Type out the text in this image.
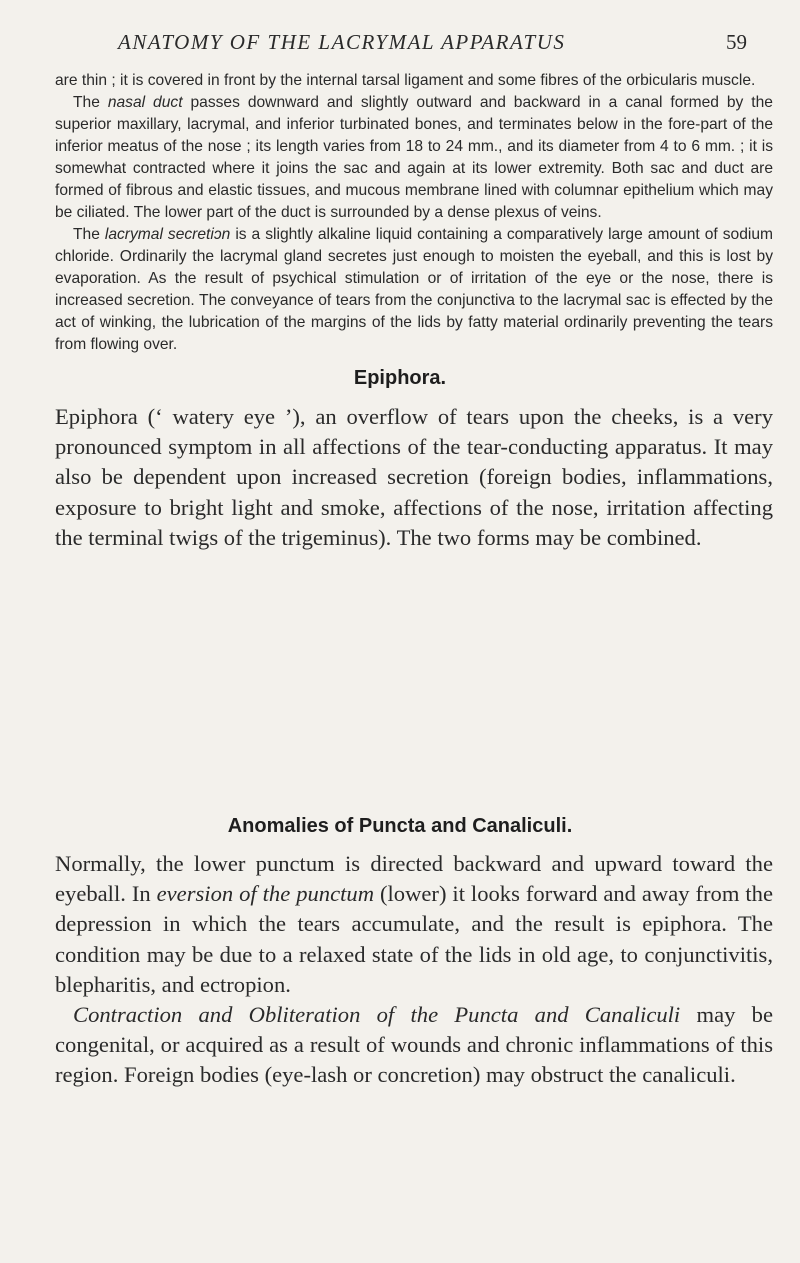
ANATOMY OF THE LACRYMAL APPARATUS	59

are thin ; it is covered in front by the internal tarsal ligament and some fibres of the orbicularis muscle.

The nasal duct passes downward and slightly outward and backward in a canal formed by the superior maxillary, lacrymal, and inferior turbinated bones, and terminates below in the fore-part of the inferior meatus of the nose ; its length varies from 18 to 24 mm., and its diameter from 4 to 6 mm. ; it is somewhat contracted where it joins the sac and again at its lower extremity. Both sac and duct are formed of fibrous and elastic tissues, and mucous membrane lined with columnar epithelium which may be ciliated. The lower part of the duct is surrounded by a dense plexus of veins.

The lacrymal secretiɔn is a slightly alkaline liquid containing a comparatively large amount of sodium chloride. Ordinarily the lacrymal gland secretes just enough to moisten the eyeball, and this is lost by evaporation. As the result of psychical stimulation or of irritation of the eye or the nose, there is increased secretion. The conveyance of tears from the conjunctiva to the lacrymal sac is effected by the act of winking, the lubrication of the margins of the lids by fatty material ordinarily preventing the tears from flowing over.

Epiphora.

Epiphora (‘ watery eye ’), an overflow of tears upon the cheeks, is a very pronounced symptom in all affections of the tear-conducting apparatus. It may also be dependent upon increased secretion (foreign bodies, inflammations, exposure to bright light and smoke, affections of the nose, irritation affecting the terminal twigs of the trigeminus). The two forms may be combined.

Anomalies of Puncta and Canaliculi.

Normally, the lower punctum is directed backward and upward toward the eyeball. In eversion of the punctum (lower) it looks forward and away from the depression in which the tears accumulate, and the result is epiphora. The condition may be due to a relaxed state of the lids in old age, to conjunctivitis, blepharitis, and ectropion.

Contraction and Obliteration of the Puncta and Canaliculi may be congenital, or acquired as a result of wounds and chronic inflammations of this region. Foreign bodies (eye-lash or concretion) may obstruct the canaliculi.
